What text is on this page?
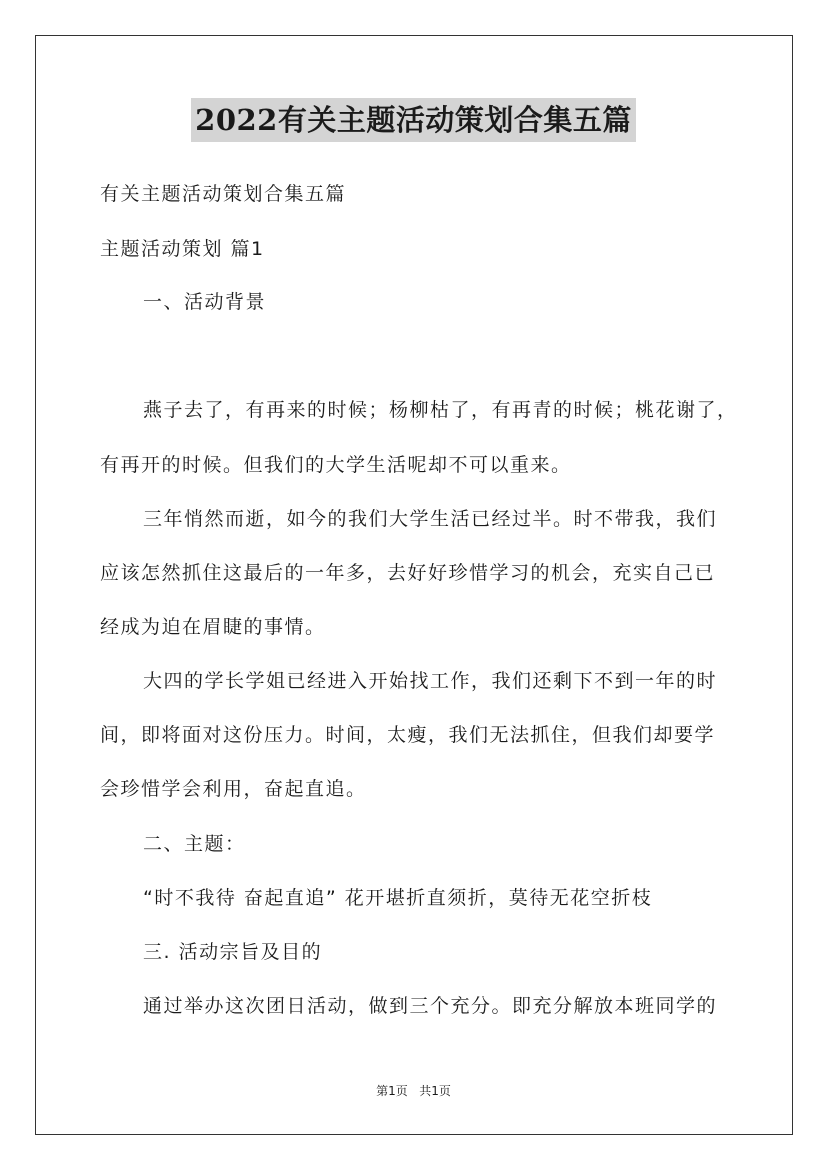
2022有关主题活动策划合集五篇
有关主题活动策划合集五篇
主题活动策划 篇1
一、活动背景
燕子去了，有再来的时候；杨柳枯了，有再青的时候；桃花谢了，
有再开的时候。但我们的大学生活呢却不可以重来。
三年悄然而逝，如今的我们大学生活已经过半。时不带我，我们
应该怎然抓住这最后的一年多，去好好珍惜学习的机会，充实自己已
经成为迫在眉睫的事情。
大四的学长学姐已经进入开始找工作，我们还剩下不到一年的时
间，即将面对这份压力。时间，太瘦，我们无法抓住，但我们却要学
会珍惜学会利用，奋起直追。
二、主题：
“时不我待 奋起直追” 花开堪折直须折，莫待无花空折枝
三. 活动宗旨及目的
通过举办这次团日活动，做到三个充分。即充分解放本班同学的
第1页 共1页
